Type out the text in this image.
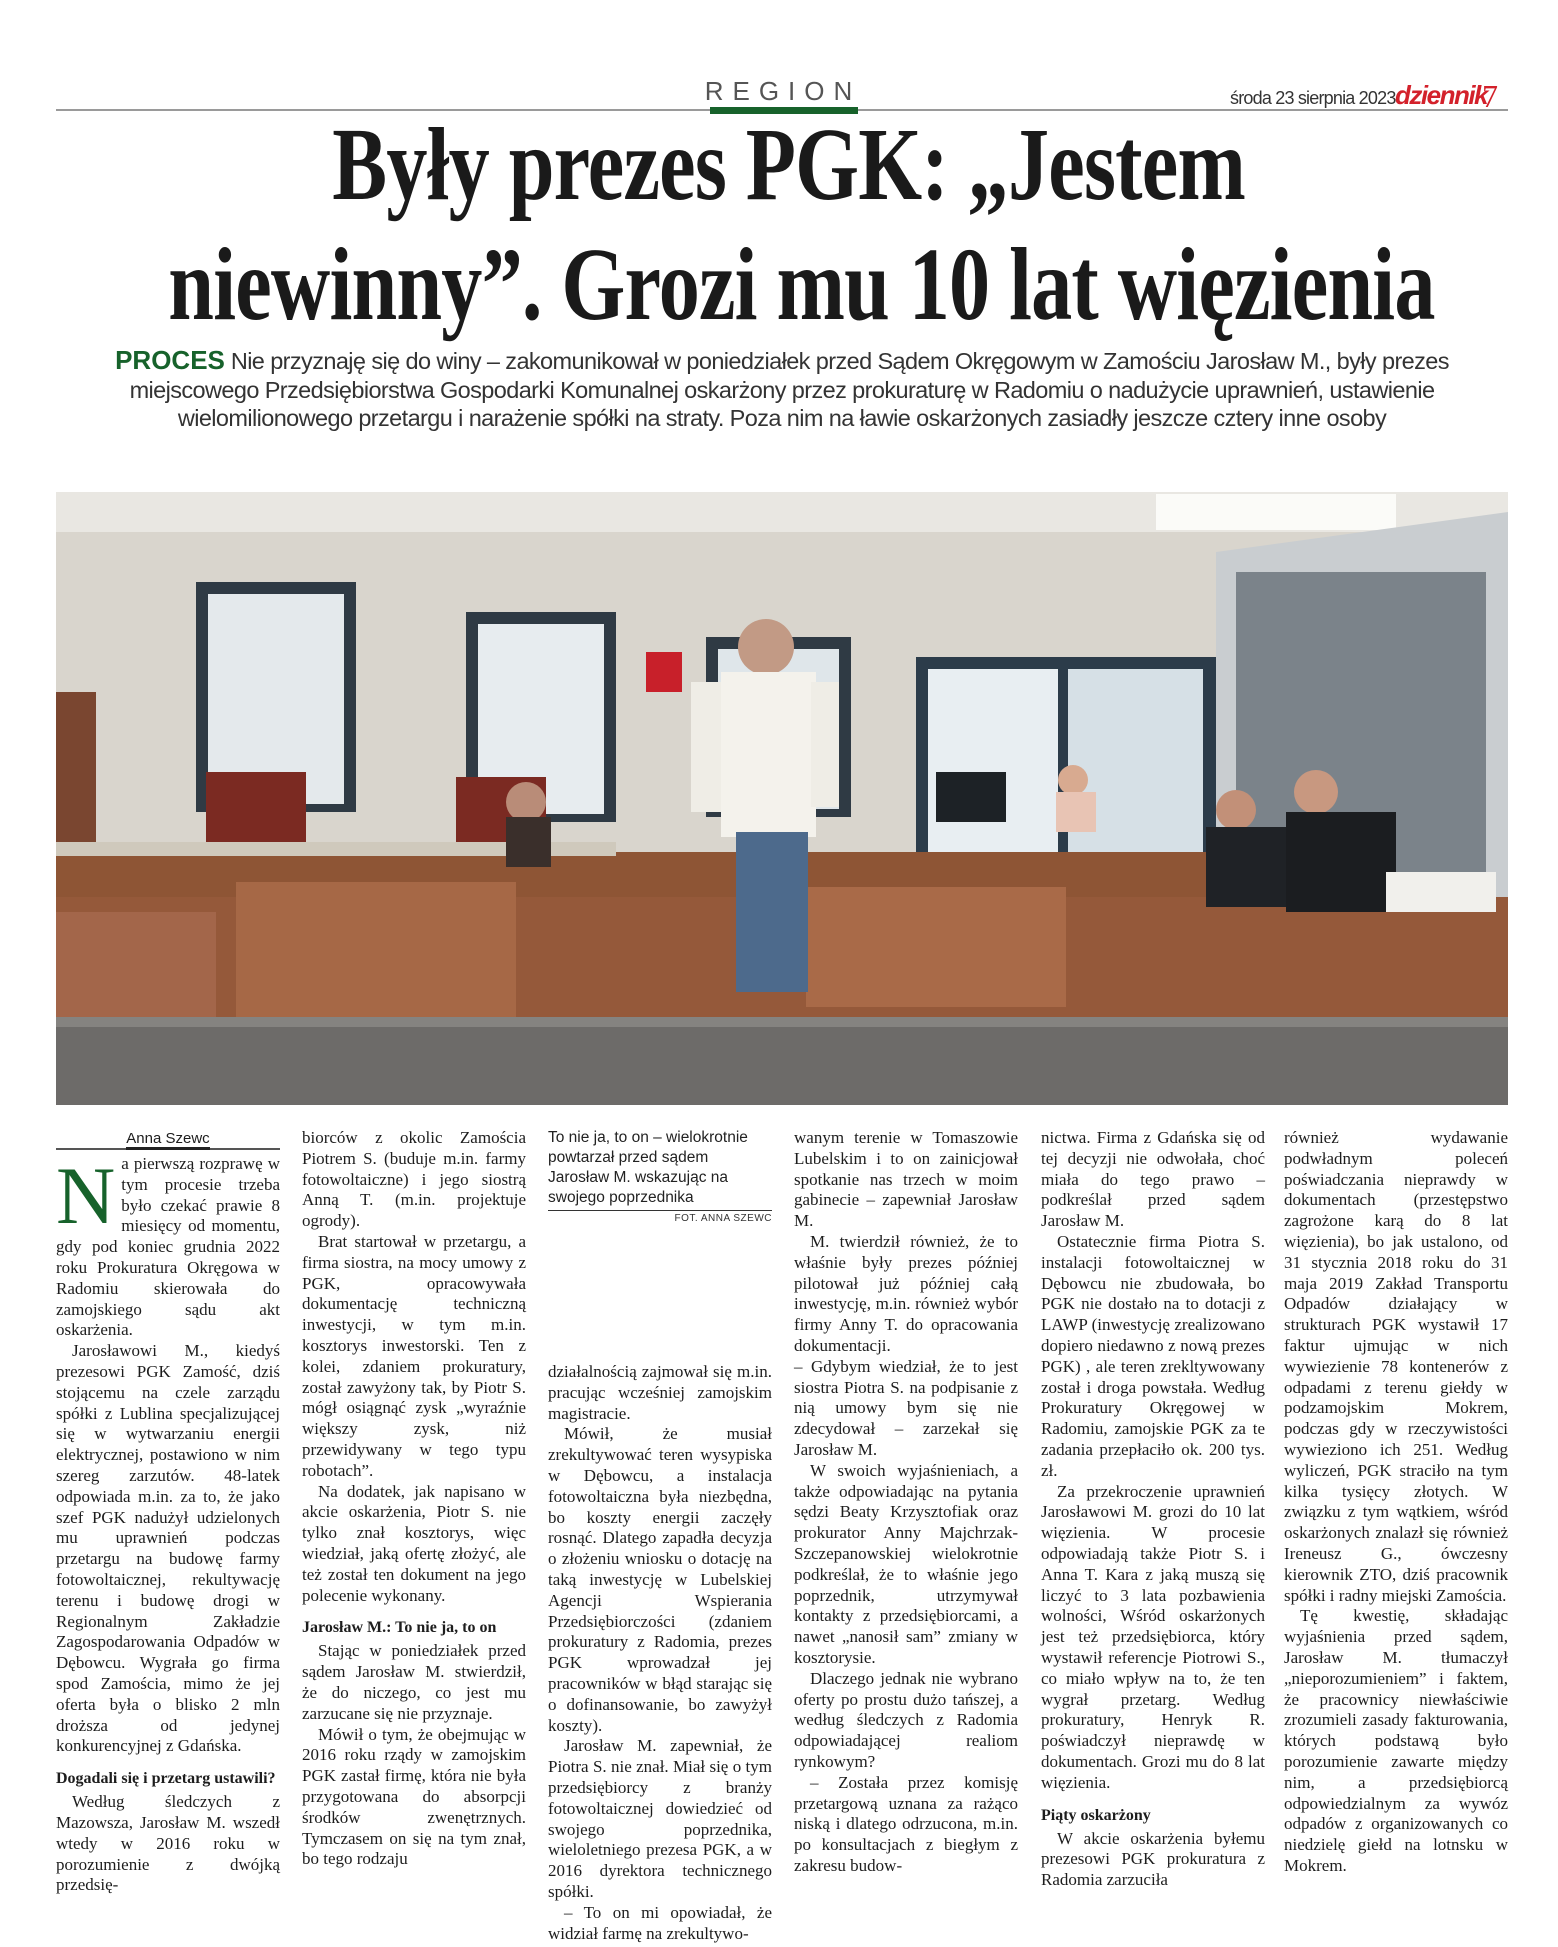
REGION	środa 23 sierpnia 2023 dziennik
7
Były prezes PGK: „Jestem
niewinny”. Grozi mu 10 lat więzienia
PROCES Nie przyznaję się do winy – zakomunikował w poniedziałek przed Sądem Okręgowym w Zamościu Jarosław M., były prezes miejscowego Przedsiębiorstwa Gospodarki Komunalnej oskarżony przez prokuraturę w Radomiu o nadużycie uprawnień, ustawienie wielomilionowego przetargu i narażenie spółki na straty. Poza nim na ławie oskarżonych zasiadły jeszcze cztery inne osoby
Anna Szewc
N a pierwszą rozprawę w tym procesie trzeba było czekać prawie 8 miesięcy od momentu, gdy pod koniec grudnia 2022 roku Prokuratura Okręgowa w Radomiu skierowała do zamojskiego sądu akt oskarżenia.

Jarosławowi M., kiedyś prezesowi PGK Zamość, dziś stojącemu na czele zarządu spółki z Lublina specjalizującej się w wytwarzaniu energii elektrycznej, postawiono w nim szereg zarzutów. 48-latek odpowiada m.in. za to, że jako szef PGK nadużył udzielonych mu uprawnień podczas przetargu na budowę farmy fotowoltaicznej, rekultywację terenu i budowę drogi w Regionalnym Zakładzie Zagospodarowania Odpadów w Dębowcu. Wygrała go firma spod Zamościa, mimo że jej oferta była o blisko 2 mln droższa od jedynej konkurencyjnej z Gdańska.

Dogadali się i przetarg ustawili?

Według śledczych z Mazowsza, Jarosław M. wszedł wtedy w 2016 roku w porozumienie z dwójką przedsię-

biorców z okolic Zamościa Piotrem S. (buduje m.in. farmy fotowoltaiczne) i jego siostrą Anną T. (m.in. projektuje ogrody).

Brat startował w przetargu, a firma siostra, na mocy umowy z PGK, opracowywała dokumentację techniczną inwestycji, w tym m.in. kosztorys inwestorski. Ten z kolei, zdaniem prokuratury, został zawyżony tak, by Piotr S. mógł osiągnąć zysk „wyraźnie większy zysk, niż przewidywany w tego typu robotach”.

Na dodatek, jak napisano w akcie oskarżenia, Piotr S. nie tylko znał kosztorys, więc wiedział, jaką ofertę złożyć, ale też został ten dokument na jego polecenie wykonany.

Jarosław M.: To nie ja, to on

Stając w poniedziałek przed sądem Jarosław M. stwierdził, że do niczego, co jest mu zarzucane się nie przyznaje.

Mówił o tym, że obejmując w 2016 roku rządy w zamojskim PGK zastał firmę, która nie była przygotowana do absorpcji środków zwenętrznych. Tymczasem on się na tym znał, bo tego rodzaju

To nie ja, to on – wielokrotnie powtarzał przed sądem Jarosław M. wskazując na swojego poprzednika
FOT. ANNA SZEWC

działalnością zajmował się m.in. pracując wcześniej zamojskim magistracie.

Mówił, że musiał zrekultywować teren wysypiska w Dębowcu, a instalacja fotowoltaiczna była niezbędna, bo koszty energii zaczęły rosnąć. Dlatego zapadła decyzja o złożeniu wniosku o dotację na taką inwestycję w Lubelskiej Agencji Wspierania Przedsiębiorczości (zdaniem prokuratury z Radomia, prezes PGK wprowadzał jej pracowników w błąd starając się o dofinansowanie, bo zawyżył koszty).

Jarosław M. zapewniał, że Piotra S. nie znał. Miał się o tym przedsiębiorcy z branży fotowoltaicznej dowiedzieć od swojego poprzednika, wieloletniego prezesa PGK, a w 2016 dyrektora technicznego spółki.

– To on mi opowiadał, że widział farmę na zrekultywo-

wanym terenie w Tomaszowie Lubelskim i to on zainicjował spotkanie nas trzech w moim gabinecie – zapewniał Jarosław M.

M. twierdził również, że to właśnie były prezes później pilotował już później całą inwestycję, m.in. również wybór firmy Anny T. do opracowania dokumentacji.

– Gdybym wiedział, że to jest siostra Piotra S. na podpisanie z nią umowy bym się nie zdecydował – zarzekał się Jarosław M.

W swoich wyjaśnieniach, a także odpowiadając na pytania sędzi Beaty Krzysztofiak oraz prokurator Anny Majchrzak-Szczepanowskiej wielokrotnie podkreślał, że to właśnie jego poprzednik, utrzymywał kontakty z przedsiębiorcami, a nawet „nanosił sam” zmiany w kosztorysie.

Dlaczego jednak nie wybrano oferty po prostu dużo tańszej, a według śledczych z Radomia odpowiadającej realiom rynkowym?

– Została przez komisję przetargową uznana za rażąco niską i dlatego odrzucona, m.in. po konsultacjach z biegłym z zakresu budow-

nictwa. Firma z Gdańska się od tej decyzji nie odwołała, choć miała do tego prawo – podkreślał przed sądem Jarosław M.

Ostatecznie firma Piotra S. instalacji fotowoltaicznej w Dębowcu nie zbudowała, bo PGK nie dostało na to dotacji z LAWP (inwestycję zrealizowano dopiero niedawno z nową prezes PGK) , ale teren zrekltywowany został i droga powstała. Według Prokuratury Okręgowej w Radomiu, zamojskie PGK za te zadania przepłaciło ok. 200 tys. zł.

Za przekroczenie uprawnień Jarosławowi M. grozi do 10 lat więzienia. W procesie odpowiadają także Piotr S. i Anna T. Kara z jaką muszą się liczyć to 3 lata pozbawienia wolności, Wśród oskarżonych jest też przedsiębiorca, który wystawił referencje Piotrowi S., co miało wpływ na to, że ten wygrał przetarg. Według prokuratury, Henryk R. poświadczył nieprawdę w dokumentach. Grozi mu do 8 lat więzienia.

Piąty oskarżony

W akcie oskarżenia byłemu prezesowi PGK prokuratura z Radomia zarzuciła

również wydawanie podwładnym poleceń poświadczania nieprawdy w dokumentach (przestępstwo zagrożone karą do 8 lat więzienia), bo jak ustalono, od 31 stycznia 2018 roku do 31 maja 2019 Zakład Transportu Odpadów działający w strukturach PGK wystawił 17 faktur ujmując w nich wywiezienie 78 kontenerów z odpadami z terenu giełdy w podzamojskim Mokrem, podczas gdy w rzeczywistości wywieziono ich 251. Według wyliczeń, PGK straciło na tym kilka tysięcy złotych. W związku z tym wątkiem, wśród oskarżonych znalazł się również Ireneusz G., ówczesny kierownik ZTO, dziś pracownik spółki i radny miejski Zamościa.

Tę kwestię, składając wyjaśnienia przed sądem, Jarosław M. tłumaczył „nieporozumieniem” i faktem, że pracownicy niewłaściwie zrozumieli zasady fakturowania, których podstawą było porozumienie zawarte między nim, a przedsiębiorcą odpowiedzialnym za wywóz odpadów z organizowanych co niedzielę giełd na lotnsku w Mokrem.
